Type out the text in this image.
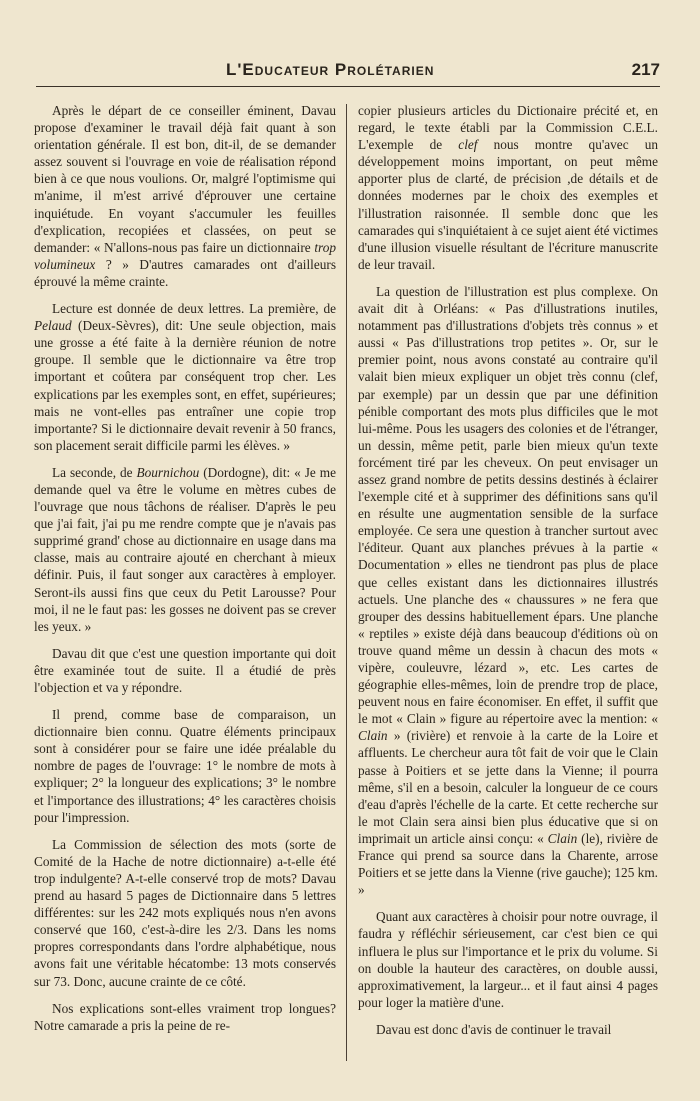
L'Educateur Prolétarien	217

Après le départ de ce conseiller éminent, Davau propose d'examiner le travail déjà fait quant à son orientation générale. Il est bon, dit-il, de se demander assez souvent si l'ouvrage en voie de réalisation répond bien à ce que nous voulions. Or, malgré l'optimisme qui m'anime, il m'est arrivé d'éprouver une certaine inquiétude. En voyant s'accumuler les feuilles d'explication, recopiées et classées, on peut se demander: « N'allons-nous pas faire un dictionnaire trop volumineux ? » D'autres camarades ont d'ailleurs éprouvé la même crainte.

Lecture est donnée de deux lettres. La première, de Pelaud (Deux-Sèvres), dit: Une seule objection, mais une grosse a été faite à la dernière réunion de notre groupe. Il semble que le dictionnaire va être trop important et coûtera par conséquent trop cher. Les explications par les exemples sont, en effet, supérieures; mais ne vont-elles pas entraîner une copie trop importante? Si le dictionnaire devait revenir à 50 francs, son placement serait difficile parmi les élèves. »

La seconde, de Bournichou (Dordogne), dit: « Je me demande quel va être le volume en mètres cubes de l'ouvrage que nous tâchons de réaliser. D'après le peu que j'ai fait, j'ai pu me rendre compte que je n'avais pas supprimé grand' chose au dictionnaire en usage dans ma classe, mais au contraire ajouté en cherchant à mieux définir. Puis, il faut songer aux caractères à employer. Seront-ils aussi fins que ceux du Petit Larousse? Pour moi, il ne le faut pas: les gosses ne doivent pas se crever les yeux. »

Davau dit que c'est une question importante qui doit être examinée tout de suite. Il a étudié de près l'objection et va y répondre.

Il prend, comme base de comparaison, un dictionnaire bien connu. Quatre éléments principaux sont à considérer pour se faire une idée préalable du nombre de pages de l'ouvrage: 1° le nombre de mots à expliquer; 2° la longueur des explications; 3° le nombre et l'importance des illustrations; 4° les caractères choisis pour l'impression.

La Commission de sélection des mots (sorte de Comité de la Hache de notre dictionnaire) a-t-elle été trop indulgente? A-t-elle conservé trop de mots? Davau prend au hasard 5 pages de Dictionnaire dans 5 lettres différentes: sur les 242 mots expliqués nous n'en avons conservé que 160, c'est-à-dire les 2/3. Dans les noms propres correspondants dans l'ordre alphabétique, nous avons fait une véritable hécatombe: 13 mots conservés sur 73. Donc, aucune crainte de ce côté.

Nos explications sont-elles vraiment trop longues? Notre camarade a pris la peine de re-

copier plusieurs articles du Dictionaire précité et, en regard, le texte établi par la Commission C.E.L. L'exemple de clef nous montre qu'avec un développement moins important, on peut même apporter plus de clarté, de précision ,de détails et de données modernes par le choix des exemples et l'illustration raisonnée. Il semble donc que les camarades qui s'inquiétaient à ce sujet aient été victimes d'une illusion visuelle résultant de l'écriture manuscrite de leur travail.

La question de l'illustration est plus complexe. On avait dit à Orléans: « Pas d'illustrations inutiles, notamment pas d'illustrations d'objets très connus » et aussi « Pas d'illustrations trop petites ». Or, sur le premier point, nous avons constaté au contraire qu'il valait bien mieux expliquer un objet très connu (clef, par exemple) par un dessin que par une définition pénible comportant des mots plus difficiles que le mot lui-même. Pous les usagers des colonies et de l'étranger, un dessin, même petit, parle bien mieux qu'un texte forcément tiré par les cheveux. On peut envisager un assez grand nombre de petits dessins destinés à éclairer l'exemple cité et à supprimer des définitions sans qu'il en résulte une augmentation sensible de la surface employée. Ce sera une question à trancher surtout avec l'éditeur. Quant aux planches prévues à la partie « Documentation » elles ne tiendront pas plus de place que celles existant dans les dictionnaires illustrés actuels. Une planche des « chaussures » ne fera que grouper des dessins habituellement épars. Une planche « reptiles » existe déjà dans beaucoup d'éditions où on trouve quand même un dessin à chacun des mots « vipère, couleuvre, lézard », etc. Les cartes de géographie elles-mêmes, loin de prendre trop de place, peuvent nous en faire économiser. En effet, il suffit que le mot « Clain » figure au répertoire avec la mention: « Clain » (rivière) et renvoie à la carte de la Loire et affluents. Le chercheur aura tôt fait de voir que le Clain passe à Poitiers et se jette dans la Vienne; il pourra même, s'il en a besoin, calculer la longueur de ce cours d'eau d'après l'échelle de la carte. Et cette recherche sur le mot Clain sera ainsi bien plus éducative que si on imprimait un article ainsi conçu: « Clain (le), rivière de France qui prend sa source dans la Charente, arrose Poitiers et se jette dans la Vienne (rive gauche); 125 km. »

Quant aux caractères à choisir pour notre ouvrage, il faudra y réfléchir sérieusement, car c'est bien ce qui influera le plus sur l'importance et le prix du volume. Si on double la hauteur des caractères, on double aussi, approximativement, la largeur... et il faut ainsi 4 pages pour loger la matière d'une.

Davau est donc d'avis de continuer le travail
